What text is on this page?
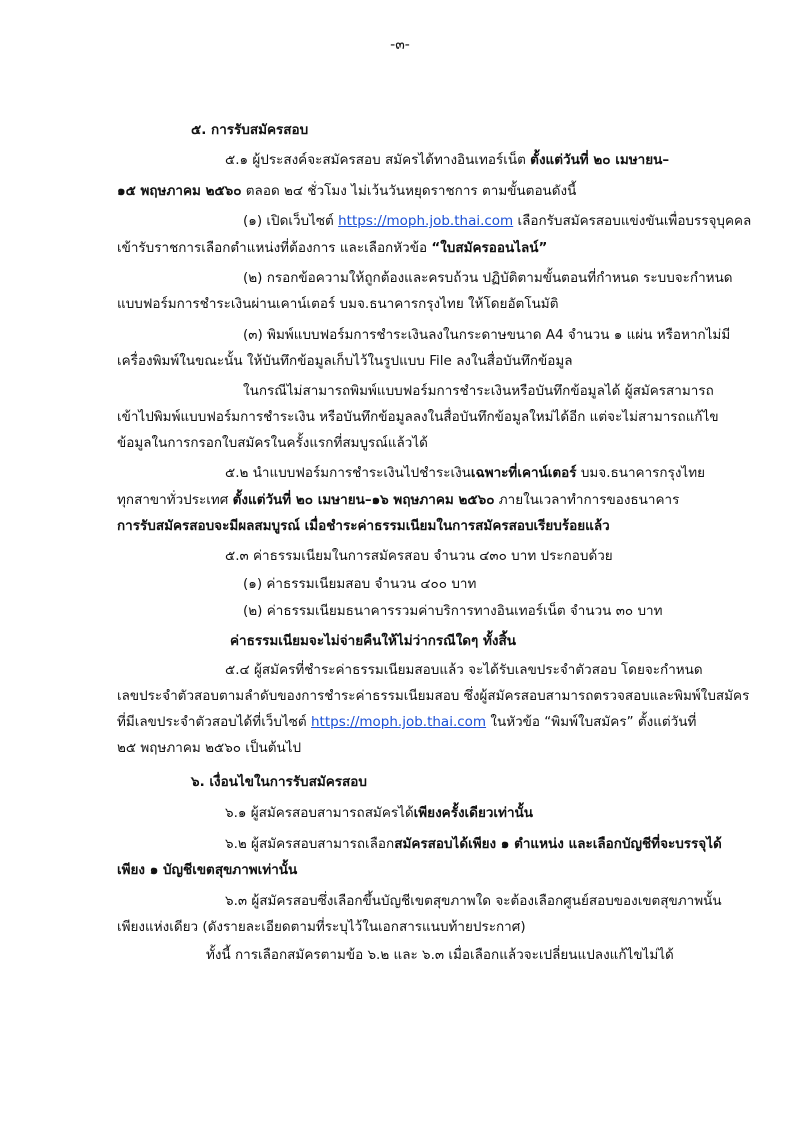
-๓-
๕. การรับสมัครสอบ
๕.๑ ผู้ประสงค์จะสมัครสอบ สมัครได้ทางอินเทอร์เน็ต ตั้งแต่วันที่ ๒๐ เมษายน–
๑๕ พฤษภาคม ๒๕๖๐ ตลอด ๒๔ ชั่วโมง ไม่เว้นวันหยุดราชการ ตามขั้นตอนดังนี้
(๑) เปิดเว็บไซต์ https://moph.job.thai.com เลือกรับสมัครสอบแข่งขันเพื่อบรรจุบุคคล
เข้ารับราชการเลือกตำแหน่งที่ต้องการ และเลือกหัวข้อ “ใบสมัครออนไลน์”
(๒) กรอกข้อความให้ถูกต้องและครบถ้วน ปฏิบัติตามขั้นตอนที่กำหนด ระบบจะกำหนด
แบบฟอร์มการชำระเงินผ่านเคาน์เตอร์ บมจ.ธนาคารกรุงไทย ให้โดยอัตโนมัติ
(๓) พิมพ์แบบฟอร์มการชำระเงินลงในกระดาษขนาด A4 จำนวน ๑ แผ่น หรือหากไม่มี
เครื่องพิมพ์ในขณะนั้น ให้บันทึกข้อมูลเก็บไว้ในรูปแบบ File ลงในสื่อบันทึกข้อมูล
ในกรณีไม่สามารถพิมพ์แบบฟอร์มการชำระเงินหรือบันทึกข้อมูลได้ ผู้สมัครสามารถ
เข้าไปพิมพ์แบบฟอร์มการชำระเงิน หรือบันทึกข้อมูลลงในสื่อบันทึกข้อมูลใหม่ได้อีก แต่จะไม่สามารถแก้ไข
ข้อมูลในการกรอกใบสมัครในครั้งแรกที่สมบูรณ์แล้วได้
๕.๒ นำแบบฟอร์มการชำระเงินไปชำระเงินเฉพาะที่เคาน์เตอร์ บมจ.ธนาคารกรุงไทย
ทุกสาขาทั่วประเทศ ตั้งแต่วันที่ ๒๐ เมษายน–๑๖ พฤษภาคม ๒๕๖๐ ภายในเวลาทำการของธนาคาร
การรับสมัครสอบจะมีผลสมบูรณ์ เมื่อชำระค่าธรรมเนียมในการสมัครสอบเรียบร้อยแล้ว
๕.๓ ค่าธรรมเนียมในการสมัครสอบ จำนวน ๔๓๐ บาท ประกอบด้วย
(๑) ค่าธรรมเนียมสอบ จำนวน ๔๐๐ บาท
(๒) ค่าธรรมเนียมธนาคารรวมค่าบริการทางอินเทอร์เน็ต จำนวน ๓๐ บาท
ค่าธรรมเนียมจะไม่จ่ายคืนให้ไม่ว่ากรณีใดๆ ทั้งสิ้น
๕.๔ ผู้สมัครที่ชำระค่าธรรมเนียมสอบแล้ว จะได้รับเลขประจำตัวสอบ โดยจะกำหนด
เลขประจำตัวสอบตามลำดับของการชำระค่าธรรมเนียมสอบ ซึ่งผู้สมัครสอบสามารถตรวจสอบและพิมพ์ใบสมัคร
ที่มีเลขประจำตัวสอบได้ที่เว็บไซต์ https://moph.job.thai.com ในหัวข้อ “พิมพ์ใบสมัคร” ตั้งแต่วันที่
๒๕ พฤษภาคม ๒๕๖๐ เป็นต้นไป
๖. เงื่อนไขในการรับสมัครสอบ
๖.๑ ผู้สมัครสอบสามารถสมัครได้เพียงครั้งเดียวเท่านั้น
๖.๒ ผู้สมัครสอบสามารถเลือกสมัครสอบได้เพียง ๑ ตำแหน่ง และเลือกบัญชีที่จะบรรจุได้
เพียง ๑ บัญชีเขตสุขภาพเท่านั้น
๖.๓ ผู้สมัครสอบซึ่งเลือกขึ้นบัญชีเขตสุขภาพใด จะต้องเลือกศูนย์สอบของเขตสุขภาพนั้น
เพียงแห่งเดียว (ดังรายละเอียดตามที่ระบุไว้ในเอกสารแนบท้ายประกาศ)
ทั้งนี้ การเลือกสมัครตามข้อ ๖.๒ และ ๖.๓ เมื่อเลือกแล้วจะเปลี่ยนแปลงแก้ไขไม่ได้
